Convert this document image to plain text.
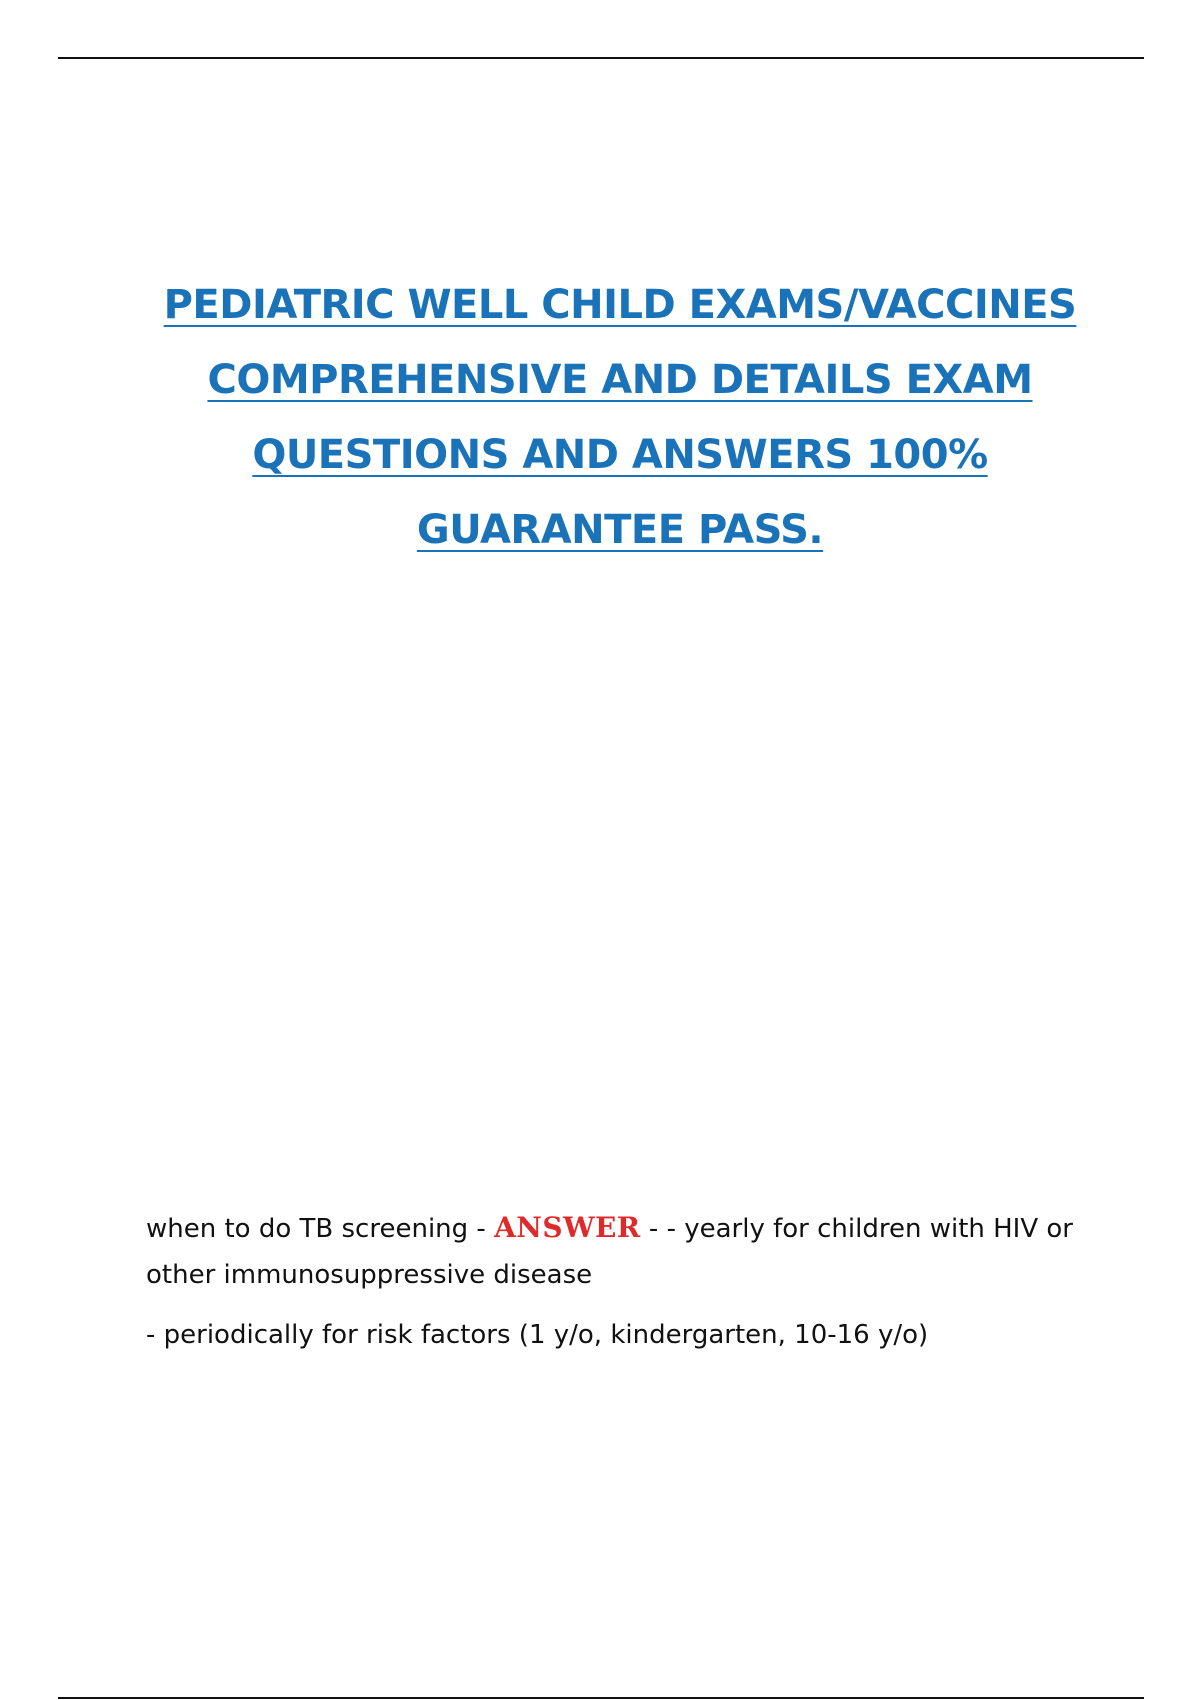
PEDIATRIC WELL CHILD EXAMS/VACCINES
COMPREHENSIVE AND DETAILS EXAM
QUESTIONS AND ANSWERS 100%
GUARANTEE PASS.

when to do TB screening - ANSWER - - yearly for children with HIV or other immunosuppressive disease

- periodically for risk factors (1 y/o, kindergarten, 10-16 y/o)
